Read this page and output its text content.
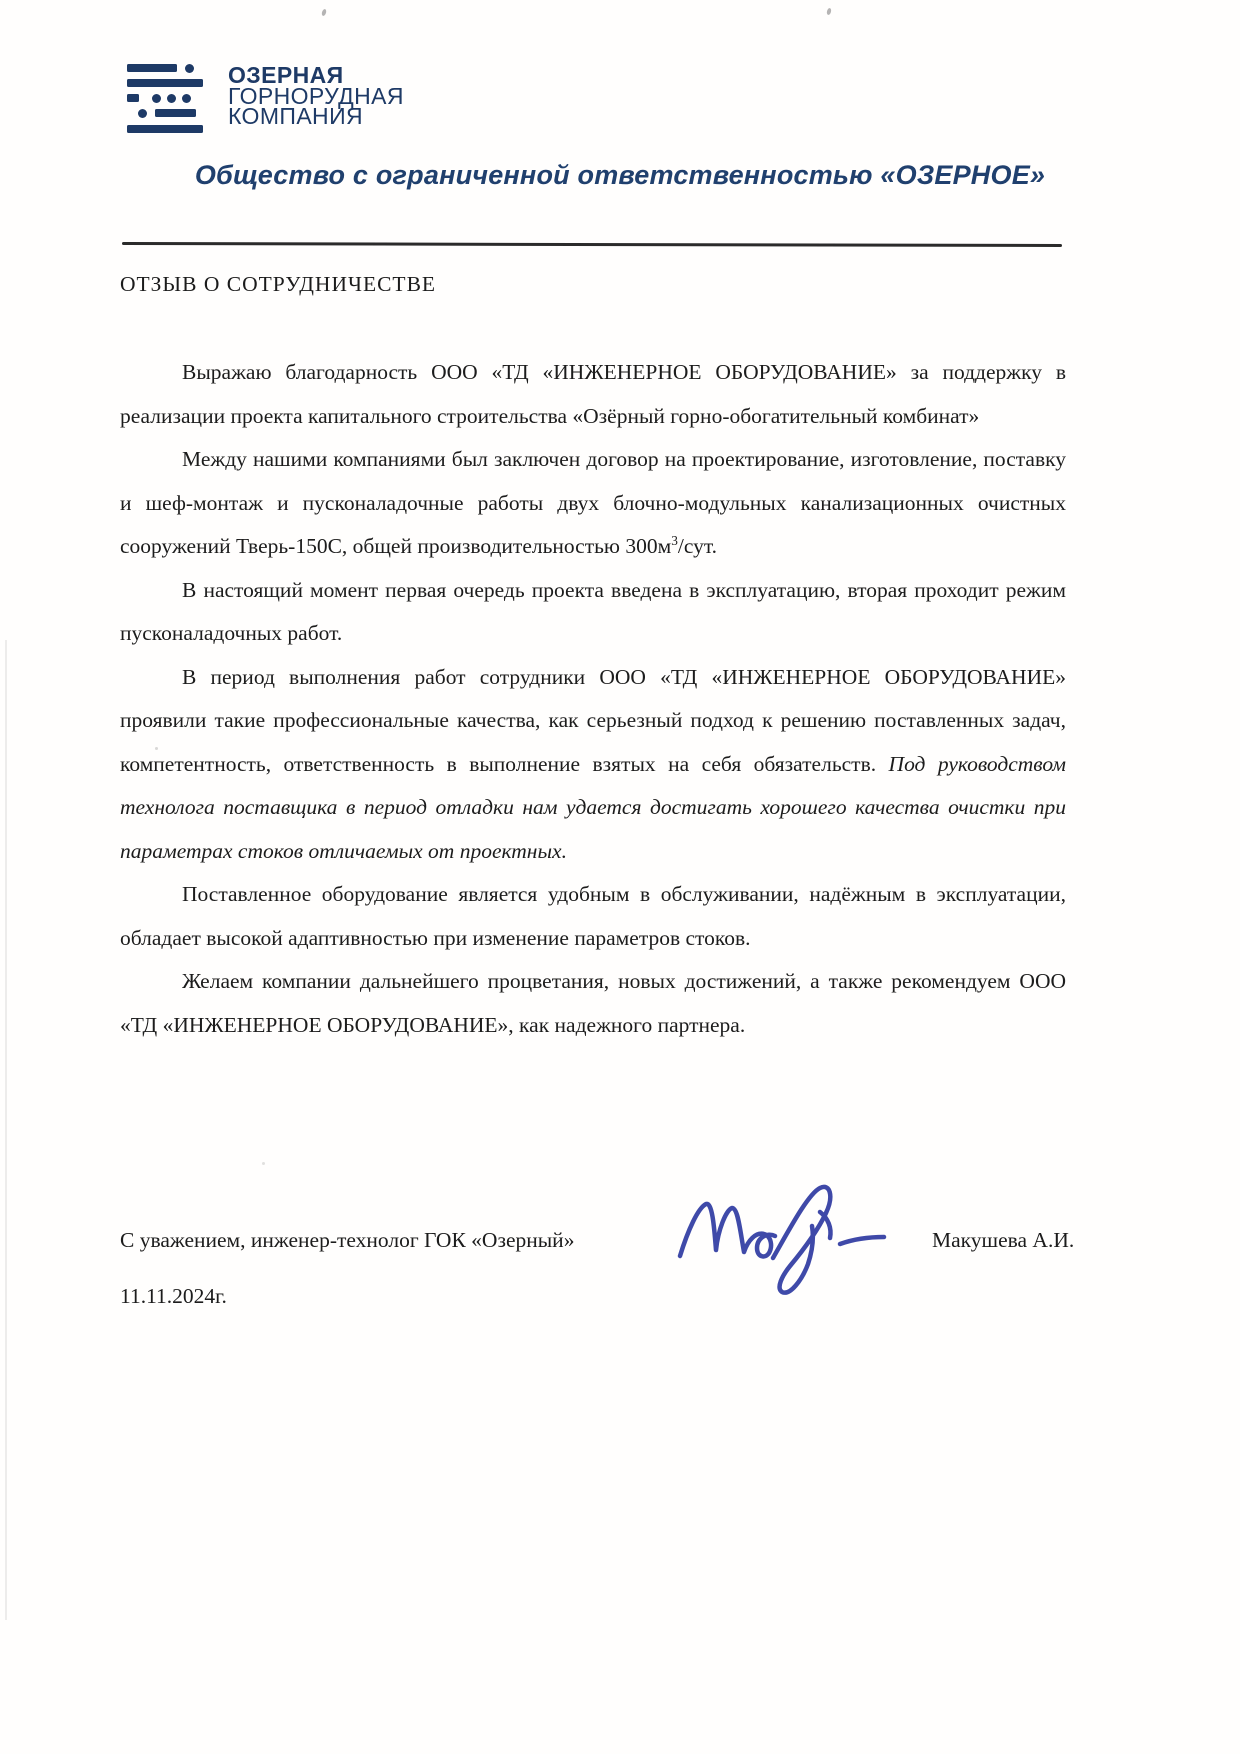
ОЗЕРНАЯ
ГОРНОРУДНАЯ
КОМПАНИЯ
Общество с ограниченной ответственностью «ОЗЕРНОЕ»
ОТЗЫВ О СОТРУДНИЧЕСТВЕ

Выражаю благодарность ООО «ТД «ИНЖЕНЕРНОЕ ОБОРУДОВАНИЕ» за поддержку в реализации проекта капитального строительства «Озёрный горно-обогатительный комбинат»

Между нашими компаниями был заключен договор на проектирование, изготовление, поставку и шеф-монтаж и пусконаладочные работы двух блочно-модульных канализационных очистных сооружений Тверь-150С, общей производительностью $300м^3$/сут.

В настоящий момент первая очередь проекта введена в эксплуатацию, вторая проходит режим пусконаладочных работ.

В период выполнения работ сотрудники ООО «ТД «ИНЖЕНЕРНОЕ ОБОРУДОВАНИЕ» проявили такие профессиональные качества, как серьезный подход к решению поставленных задач, компетентность, ответственность в выполнение взятых на себя обязательств. Под руководством технолога поставщика в период отладки нам удается достигать хорошего качества очистки при параметрах стоков отличаемых от проектных.

Поставленное оборудование является удобным в обслуживании, надёжным в эксплуатации, обладает высокой адаптивностью при изменение параметров стоков.

Желаем компании дальнейшего процветания, новых достижений, а также рекомендуем ООО «ТД «ИНЖЕНЕРНОЕ ОБОРУДОВАНИЕ», как надежного партнера.

С уважением, инженер-технолог ГОК «Озерный»	Макушева А.И.
11.11.2024г.
